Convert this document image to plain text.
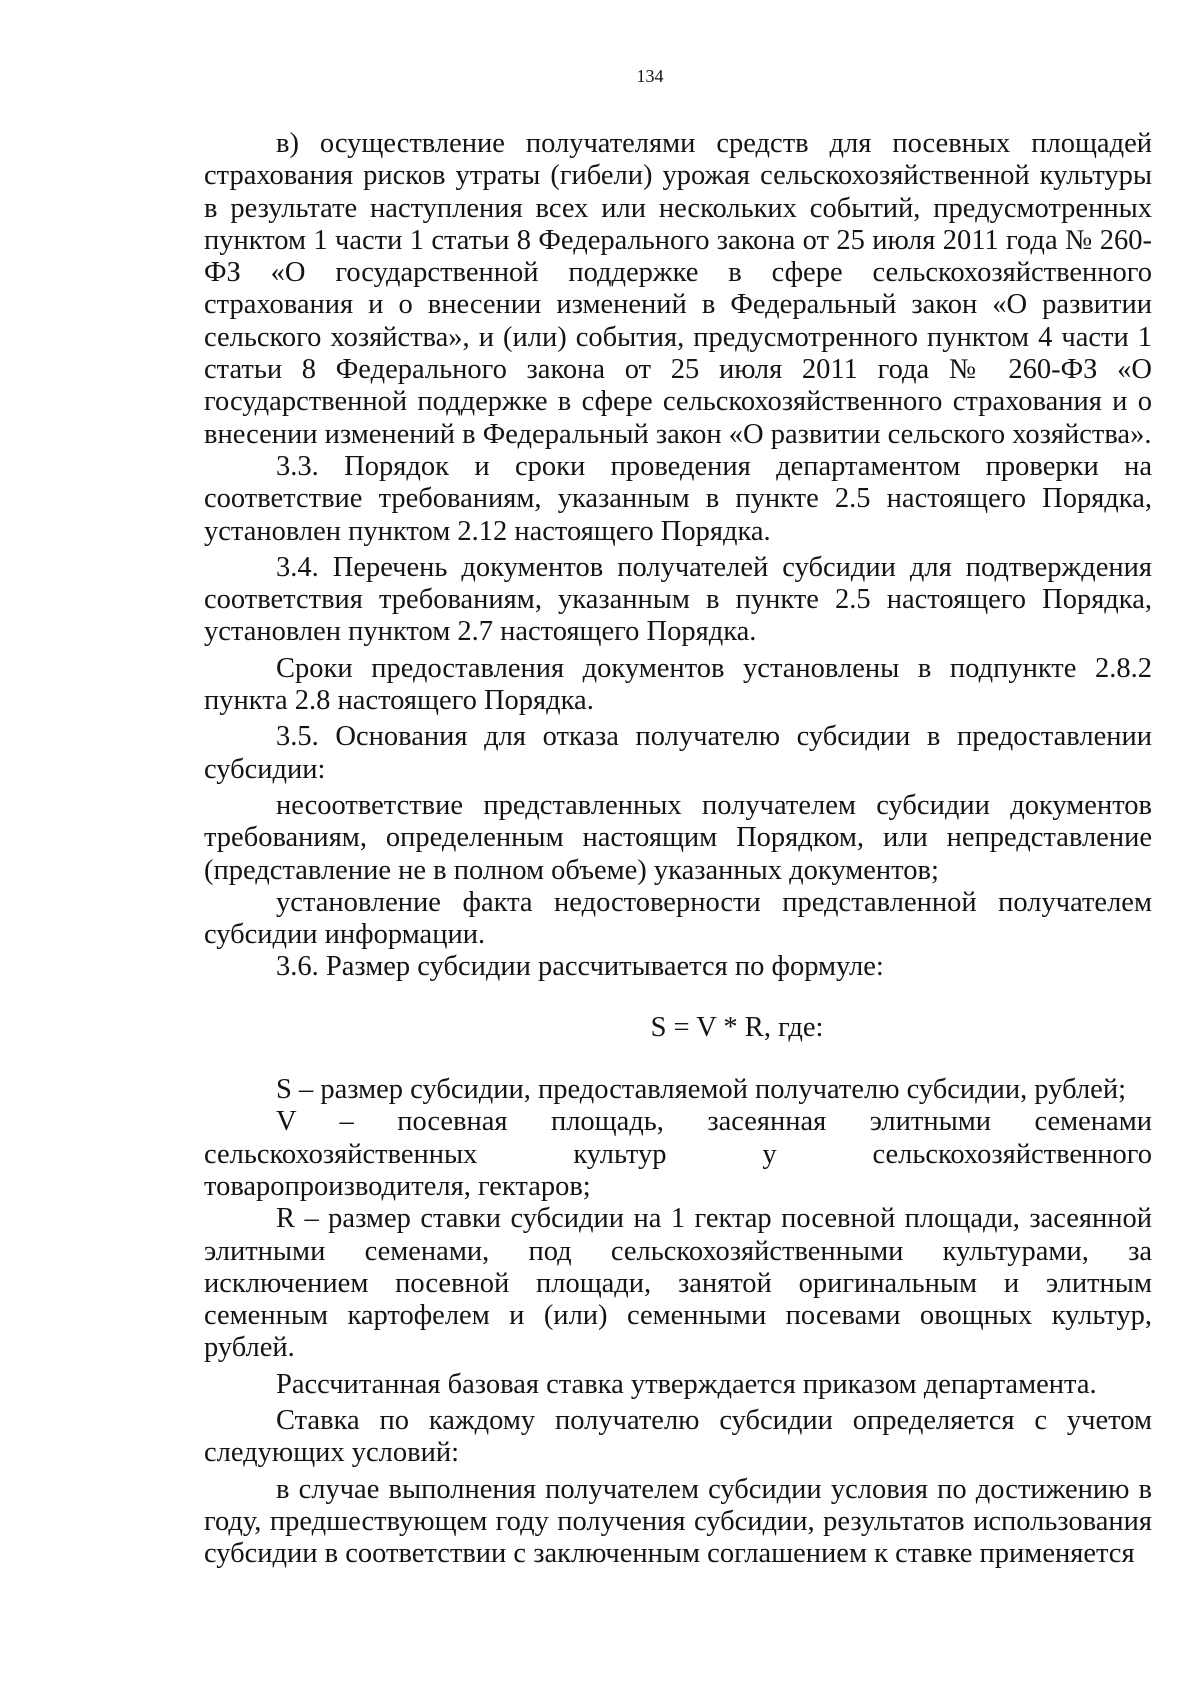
134

в) осуществление получателями средств для посевных площадей страхования рисков утраты (гибели) урожая сельскохозяйственной культуры в результате наступления всех или нескольких событий, предусмотренных пунктом 1 части 1 статьи 8 Федерального закона от 25 июля 2011 года № 260-ФЗ «О государственной поддержке в сфере сельскохозяйственного страхования и о внесении изменений в Федеральный закон «О развитии сельского хозяйства», и (или) события, предусмотренного пунктом 4 части 1 статьи 8 Федерального закона от 25 июля 2011 года № 260-ФЗ «О государственной поддержке в сфере сельскохозяйственного страхования и о внесении изменений в Федеральный закон «О развитии сельского хозяйства».

3.3. Порядок и сроки проведения департаментом проверки на соответствие требованиям, указанным в пункте 2.5 настоящего Порядка, установлен пунктом 2.12 настоящего Порядка.

3.4. Перечень документов получателей субсидии для подтверждения соответствия требованиям, указанным в пункте 2.5 настоящего Порядка, установлен пунктом 2.7 настоящего Порядка.

Сроки предоставления документов установлены в подпункте 2.8.2 пункта 2.8 настоящего Порядка.

3.5. Основания для отказа получателю субсидии в предоставлении субсидии:

несоответствие представленных получателем субсидии документов требованиям, определенным настоящим Порядком, или непредставление (представление не в полном объеме) указанных документов;

установление факта недостоверности представленной получателем субсидии информации.

3.6. Размер субсидии рассчитывается по формуле:

S = V * R, где:

S – размер субсидии, предоставляемой получателю субсидии, рублей;

V – посевная площадь, засеянная элитными семенами сельскохозяйственных культур у сельскохозяйственного товаропроизводителя, гектаров;

R – размер ставки субсидии на 1 гектар посевной площади, засеянной элитными семенами, под сельскохозяйственными культурами, за исключением посевной площади, занятой оригинальным и элитным семенным картофелем и (или) семенными посевами овощных культур, рублей.

Рассчитанная базовая ставка утверждается приказом департамента.

Ставка по каждому получателю субсидии определяется с учетом следующих условий:

в случае выполнения получателем субсидии условия по достижению в году, предшествующем году получения субсидии, результатов использования субсидии в соответствии с заключенным соглашением к ставке применяется
